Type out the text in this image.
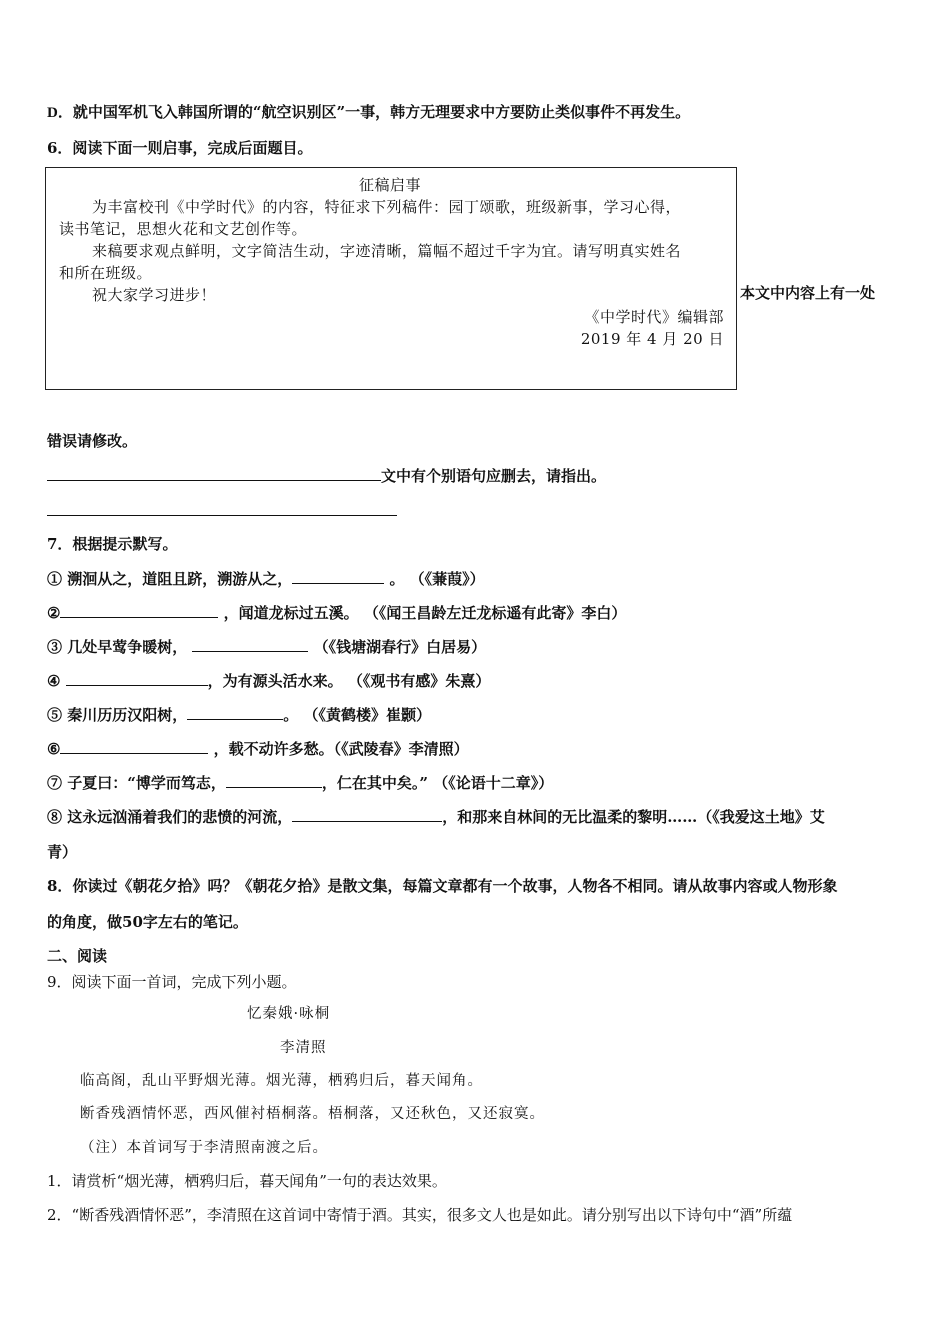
D．就中国军机飞入韩国所谓的“航空识别区”一事，韩方无理要求中方要防止类似事件不再发生。
6．阅读下面一则启事，完成后面题目。
征稿启事
为丰富校刊《中学时代》的内容，特征求下列稿件：园丁颂歌，班级新事，学习心得，
读书笔记，思想火花和文艺创作等。
来稿要求观点鲜明，文字简洁生动，字迹清晰，篇幅不超过千字为宜。请写明真实姓名
和所在班级。
祝大家学习进步！
《中学时代》编辑部
2019 年 4 月 20 日
本文中内容上有一处
错误请修改。
文中有个别语句应删去，请指出。
7．根据提示默写。
① 溯洄从之，道阻且跻，溯游从之，	。 （《蒹葭》）
②	，闻道龙标过五溪。 （《闻王昌龄左迁龙标遥有此寄》李白）
③ 几处早莺争暖树，	（《钱塘湖春行》白居易）
④	，为有源头活水来。 （《观书有感》朱熹）
⑤ 秦川历历汉阳树，	。 （《黄鹤楼》崔颢）
⑥	，载不动许多愁。（《武陵春》李清照）
⑦ 子夏曰：“博学而笃志，	，仁在其中矣。” （《论语十二章》）
⑧ 这永远汹涌着我们的悲愤的河流，	，和那来自林间的无比温柔的黎明……（《我爱这土地》艾
青）
8．你读过《朝花夕拾》吗？《朝花夕拾》是散文集，每篇文章都有一个故事，人物各不相同。请从故事内容或人物形象
的角度，做50字左右的笔记。
二、阅读
9．阅读下面一首词，完成下列小题。
忆秦娥·咏桐
李清照
临高阁，乱山平野烟光薄。烟光薄，栖鸦归后，暮天闻角。
断香残酒情怀恶，西风催衬梧桐落。梧桐落，又还秋色，又还寂寞。
（注）本首词写于李清照南渡之后。
1．请赏析“烟光薄，栖鸦归后，暮天闻角”一句的表达效果。
2．“断香残酒情怀恶”，李清照在这首词中寄情于酒。其实，很多文人也是如此。请分别写出以下诗句中“酒”所蕴
